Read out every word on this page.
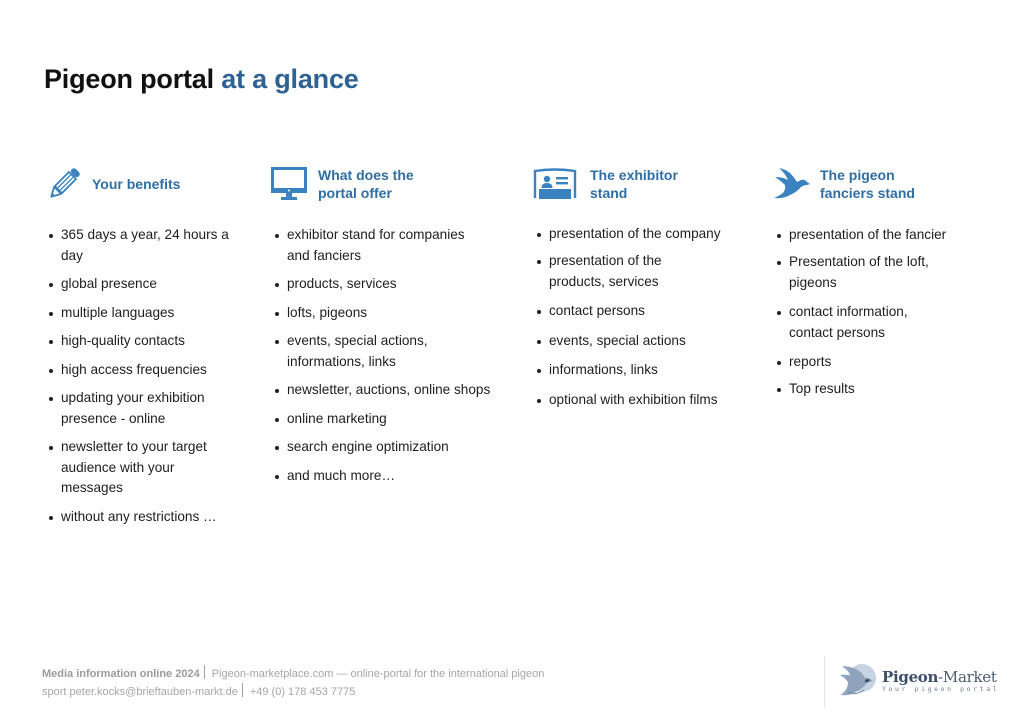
Pigeon portal at a glance
Your benefits
365 days a year, 24 hours a day
global presence
multiple languages
high-quality contacts
high access frequencies
updating your exhibition presence - online
newsletter to your target audience with your messages
without any restrictions …
What does the
portal offer
exhibitor stand for companies and fanciers
products, services
lofts, pigeons
events, special actions, informations, links
newsletter, auctions, online shops
online marketing
search engine optimization
and much more…
The exhibitor
stand
presentation of the company
presentation of the products, services
contact persons
events, special actions
informations, links
optional with exhibition films
The pigeon
fanciers stand
presentation of the fancier
Presentation of the loft, pigeons
contact information, contact persons
reports
Top results
Media information online 2024 Pigeon-marketplace.com — online-portal for the international pigeon
sport peter.kocks@brieftauben-markt.de +49 (0) 178 453 7775
Pigeon-Market
Your pigeon portal
